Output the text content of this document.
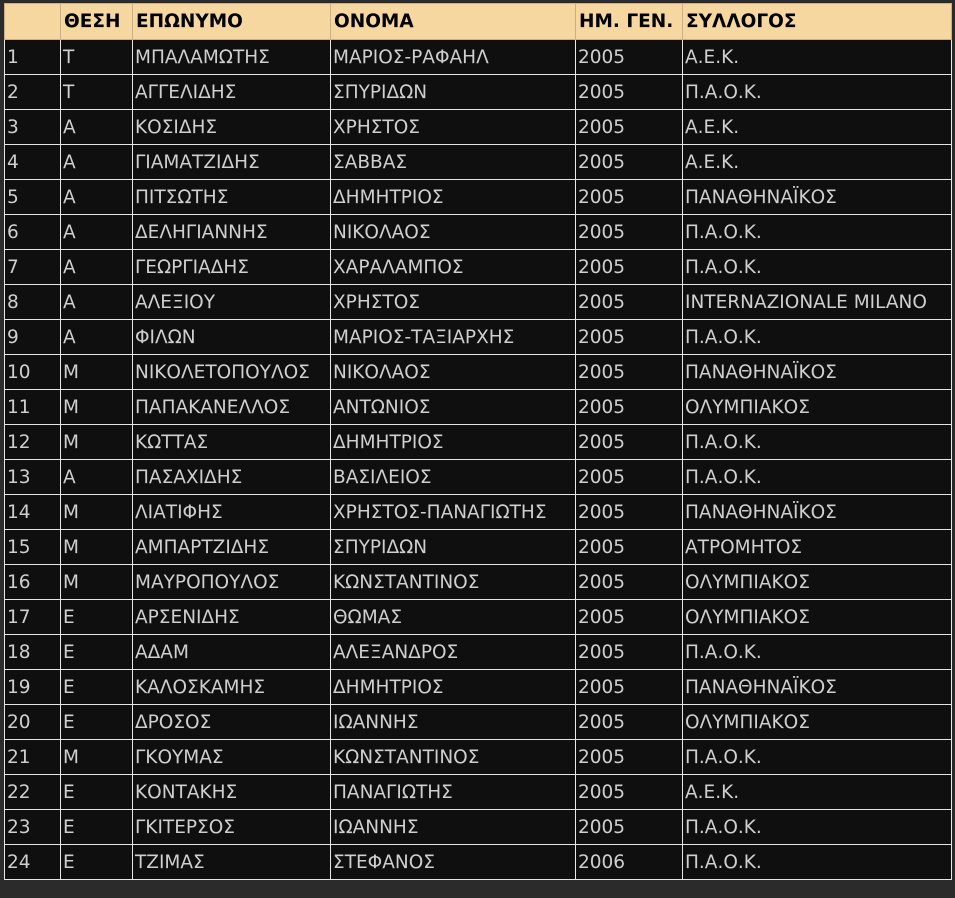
	ΘΕΣΗ	ΕΠΩΝΥΜΟ	ΟΝΟΜΑ	ΗΜ. ΓΕΝ.	ΣΥΛΛΟΓΟΣ
1	Τ	ΜΠΑΛΑΜΩΤΗΣ	ΜΑΡΙΟΣ-ΡΑΦΑΗΛ	2005	Α.Ε.Κ.
2	Τ	ΑΓΓΕΛΙΔΗΣ	ΣΠΥΡΙΔΩΝ	2005	Π.Α.Ο.Κ.
3	Α	ΚΟΣΙΔΗΣ	ΧΡΗΣΤΟΣ	2005	Α.Ε.Κ.
4	Α	ΓΙΑΜΑΤΖΙΔΗΣ	ΣΑΒΒΑΣ	2005	Α.Ε.Κ.
5	Α	ΠΙΤΣΩΤΗΣ	ΔΗΜΗΤΡΙΟΣ	2005	ΠΑΝΑΘΗΝΑΪΚΟΣ
6	Α	ΔΕΛΗΓΙΑΝΝΗΣ	ΝΙΚΟΛΑΟΣ	2005	Π.Α.Ο.Κ.
7	Α	ΓΕΩΡΓΙΑΔΗΣ	ΧΑΡΑΛΑΜΠΟΣ	2005	Π.Α.Ο.Κ.
8	Α	ΑΛΕΞΙΟΥ	ΧΡΗΣΤΟΣ	2005	INTERNAZIONALE MILANO
9	Α	ΦΙΛΩΝ	ΜΑΡΙΟΣ-ΤΑΞΙΑΡΧΗΣ	2005	Π.Α.Ο.Κ.
10	Μ	ΝΙΚΟΛΕΤΟΠΟΥΛΟΣ	ΝΙΚΟΛΑΟΣ	2005	ΠΑΝΑΘΗΝΑΪΚΟΣ
11	Μ	ΠΑΠΑΚΑΝΕΛΛΟΣ	ΑΝΤΩΝΙΟΣ	2005	ΟΛΥΜΠΙΑΚΟΣ
12	Μ	ΚΩΤΤΑΣ	ΔΗΜΗΤΡΙΟΣ	2005	Π.Α.Ο.Κ.
13	Α	ΠΑΣΑΧΙΔΗΣ	ΒΑΣΙΛΕΙΟΣ	2005	Π.Α.Ο.Κ.
14	Μ	ΛΙΑΤΙΦΗΣ	ΧΡΗΣΤΟΣ-ΠΑΝΑΓΙΩΤΗΣ	2005	ΠΑΝΑΘΗΝΑΪΚΟΣ
15	Μ	ΑΜΠΑΡΤΖΙΔΗΣ	ΣΠΥΡΙΔΩΝ	2005	ΑΤΡΟΜΗΤΟΣ
16	Μ	ΜΑΥΡΟΠΟΥΛΟΣ	ΚΩΝΣΤΑΝΤΙΝΟΣ	2005	ΟΛΥΜΠΙΑΚΟΣ
17	Ε	ΑΡΣΕΝΙΔΗΣ	ΘΩΜΑΣ	2005	ΟΛΥΜΠΙΑΚΟΣ
18	Ε	ΑΔΑΜ	ΑΛΕΞΑΝΔΡΟΣ	2005	Π.Α.Ο.Κ.
19	Ε	ΚΑΛΟΣΚΑΜΗΣ	ΔΗΜΗΤΡΙΟΣ	2005	ΠΑΝΑΘΗΝΑΪΚΟΣ
20	Ε	ΔΡΟΣΟΣ	ΙΩΑΝΝΗΣ	2005	ΟΛΥΜΠΙΑΚΟΣ
21	Μ	ΓΚΟΥΜΑΣ	ΚΩΝΣΤΑΝΤΙΝΟΣ	2005	Π.Α.Ο.Κ.
22	Ε	ΚΟΝΤΑΚΗΣ	ΠΑΝΑΓΙΩΤΗΣ	2005	Α.Ε.Κ.
23	Ε	ΓΚΙΤΕΡΣΟΣ	ΙΩΑΝΝΗΣ	2005	Π.Α.Ο.Κ.
24	Ε	ΤΖΙΜΑΣ	ΣΤΕΦΑΝΟΣ	2006	Π.Α.Ο.Κ.
